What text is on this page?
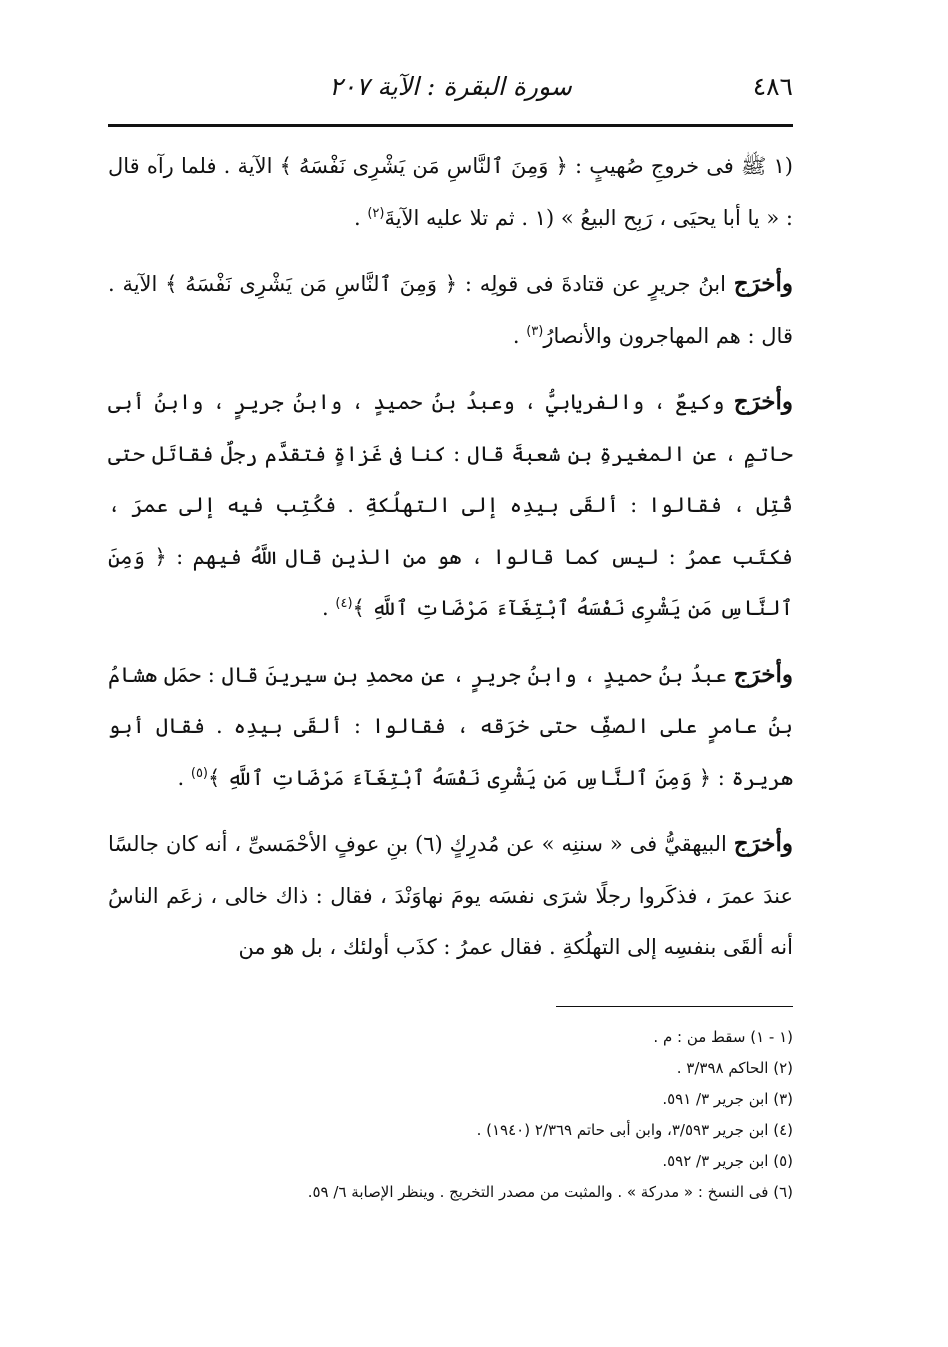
٤٨٦
سورة البقرة : الآية ٢٠٧

(١ ﷺ فى خروجِ صُهيبٍ : ﴿ وَمِنَ ٱلنَّاسِ مَن يَشْرِى نَفْسَهُ ﴾ الآية . فلما رآه قال : « يا أبا يحيَى ، رَبِح البيعُ » (١ . ثم تلا عليه الآيةَ$^{(٢)}$ .

وأخرَج ابنُ جريرٍ عن قتادةَ فى قولِه : ﴿ وَمِنَ ٱلنَّاسِ مَن يَشْرِى نَفْسَهُ ﴾ الآية . قال : هم المهاجرون والأنصارُ$^{(٣)}$ .

وأخرَج وكيعٌ ، والفريابيُّ ، وعبدُ بنُ حميدٍ ، وابنُ جريرٍ ، وابنُ أبى حاتمٍ ، عن المغيرةِ بنِ شعبةَ قال : كنا فى غَزاةٍ فتقدَّم رجلٌ فقاتَل حتى قُتِل ، فقالوا : ألقَى بيدِه إلى التهلُكةِ . فكُتِب فيه إلى عمرَ ، فكتَب عمرُ : ليس كما قالوا ، هو من الذين قال اللَّهُ فيهم : ﴿ وَمِنَ ٱلنَّاسِ مَن يَشْرِى نَفْسَهُ ٱبْتِغَآءَ مَرْضَاتِ ٱللَّهِ ﴾$^{(٤)}$ .

وأخرَج عبدُ بنُ حميدٍ ، وابنُ جريرٍ ، عن محمدِ بنِ سيرينَ قال : حمَل هشامُ بنُ عامرٍ على الصفِّ حتى خرَقه ، فقالوا : ألقَى بيدِه . فقال أبو هريرة : ﴿ وَمِنَ ٱلنَّاسِ مَن يَشْرِى نَفْسَهُ ٱبْتِغَآءَ مَرْضَاتِ ٱللَّهِ ﴾$^{(٥)}$ .

وأخرَج البيهقيُّ فى « سننِه » عن مُدرِكٍ (٦) بنِ عوفٍ الأحْمَسىِّ ، أنه كان جالسًا عندَ عمرَ ، فذكَروا رجلًا شرَى نفسَه يومَ نهاوَنْدَ ، فقال : ذاك خالى ، زعَم الناسُ أنه ألقَى بنفسِه إلى التهلُكةِ . فقال عمرُ : كذَب أولئك ، بل هو من

(١ - ١) سقط من : م .

(٢) الحاكم ٣/٣٩٨ .

(٣) ابن جرير ٣/ ٥٩١.

(٤) ابن جرير ٣/٥٩٣، وابن أبى حاتم ٢/٣٦٩ (١٩٤٠) .

(٥) ابن جرير ٣/ ٥٩٢.

(٦) فى النسخ : « مدركة » . والمثبت من مصدر التخريج . وينظر الإصابة ٦/ ٥٩.
